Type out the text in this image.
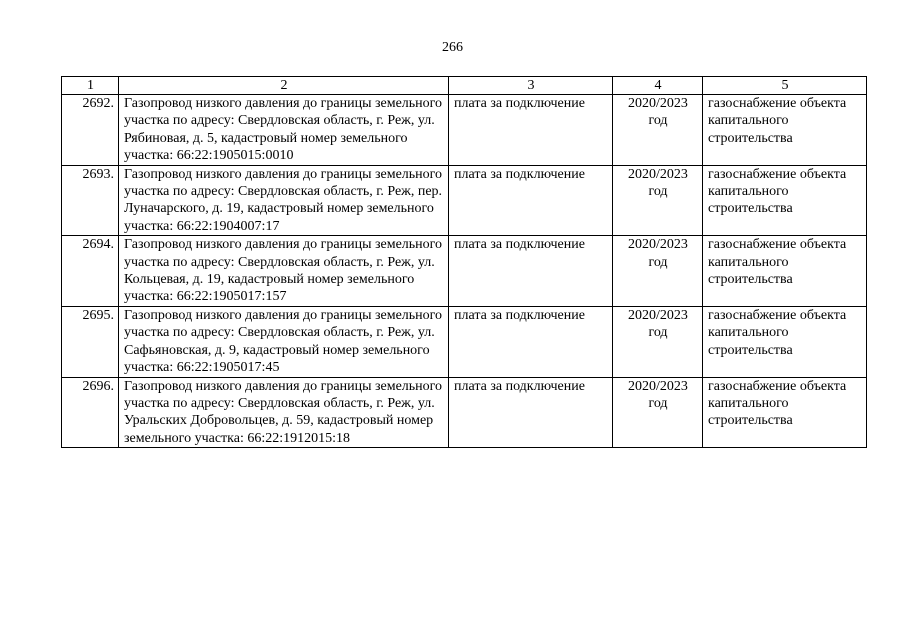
266
1	2	3	4	5
2692.	Газопровод низкого давления до границы земельного участка по адресу: Свердловская область, г. Реж, ул. Рябиновая, д. 5, кадастровый номер земельного участка: 66:22:1905015:0010	плата за подключение	2020/2023 год	газоснабжение объекта капитального строительства
2693.	Газопровод низкого давления до границы земельного участка по адресу: Свердловская область, г. Реж, пер. Луначарского, д. 19, кадастровый номер земельного участка: 66:22:1904007:17	плата за подключение	2020/2023 год	газоснабжение объекта капитального строительства
2694.	Газопровод низкого давления до границы земельного участка по адресу: Свердловская область, г. Реж, ул. Кольцевая, д. 19, кадастровый номер земельного участка: 66:22:1905017:157	плата за подключение	2020/2023 год	газоснабжение объекта капитального строительства
2695.	Газопровод низкого давления до границы земельного участка по адресу: Свердловская область, г. Реж, ул. Сафьяновская, д. 9, кадастровый номер земельного участка: 66:22:1905017:45	плата за подключение	2020/2023 год	газоснабжение объекта капитального строительства
2696.	Газопровод низкого давления до границы земельного участка по адресу: Свердловская область, г. Реж, ул. Уральских Добровольцев, д. 59, кадастровый номер земельного участка: 66:22:1912015:18	плата за подключение	2020/2023 год	газоснабжение объекта капитального строительства
